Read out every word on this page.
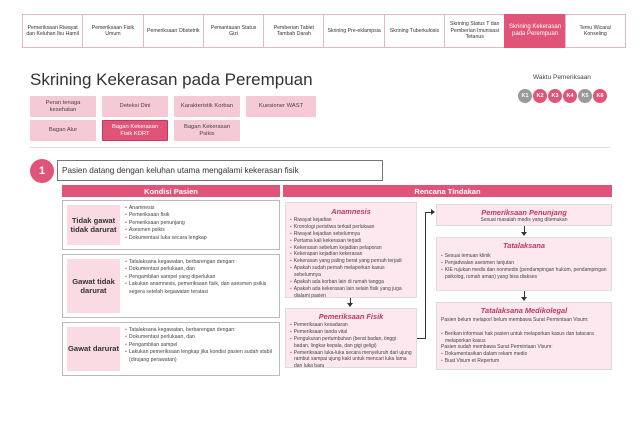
Pemeriksaan Riwayat dan Keluhan Ibu Hamil
Pemeriksaan Fisik Umum
Pemeriksaan Obstetrik
Pemantauan Status Gizi
Pemberian Tablet Tambah Darah
Skrining Pre-eklampsia	Skrining Tuberkulosis
Skrining Status T dan Pemberian Imunisasi Tetanus
Skrining Kekerasan pada Perempuan
Temu Wicara/ Konseling
Skrining Kekerasan pada Perempuan	Waktu Pemeriksaan
K1	K2	K3	K4	K5	K6
Peran tenaga kesehatan
Deteksi Dini	Karakteristik Korban	Kuesioner WAST
Bagan Alur
Bagan Kekerasan Fisik KDRT
Bagan Kekerasan Psikis
1	Pasien datang dengan keluhan utama mengalami kekerasan fisik
Kondisi Pasien	Rencana Tindakan
Tidak gawat tidak darurat
▪ Anamnesis
▪ Pemeriksaan fisik
▪ Pemeriksaan penunjang
▪ Asesmen psikis
▪ Dokumentasi luka secara lengkap
Gawat tidak darurat
▪ Tatalaksana kegawatan, berbarengan dengan:
▪ Dokumentasi perlukaan, dan
▪ Pengambilan sampel yang diperlukan
▪ Lakukan anamnesis, pemeriksaan fisik, dan asesmen psikis segera setelah kegawatan teratasi
Gawat darurat
▪ Tatalaksana kegawatan, berbarengan dengan:
▪ Dokumentasi perlukaan, dan
▪ Pengambilan sampel
▪ Lakukan pemeriksaan lengkap jika kondisi pasien sudah stabil (dirujang perawatan)
Anamnesis
▪ Riwayat kejadian
▪ Kronologi peristiwa terkait perlukaan
▪ Riwayat kejadian sebelumnya
▪ Pertama kali kekerasan terjadi
▪ Kekerasan sebelum kejadian pelaporan
▪ Kekerapan kejadian kekerasan
▪ Kekerasan yang paling berat yang pernah terjadi
▪ Apakah sudah pernah melaporkan kasus sebelumnya
▪ Apakah ada korban lain di rumah tangga
▪ Apakah ada kekerasan lain selain fisik yang juga dialami pasien
Pemeriksaan Fisik
▪ Pemeriksaan kesadaran
▪ Pemeriksaan tanda vital
▪ Pengukuran pertumbuhan (berat badan, tinggi badan, lingkar kepala, dan gigi geligi)
▪ Pemeriksaan luka-luka secara menyeluruh dari ujung rambut sampai ujung kaki untuk mencari luka lama dan luka baru
Pemeriksaan Penunjang
Sesuai masalah medis yang ditemukan
Tatalaksana
▪ Sesuai temuan klinik
▪ Penjadwalan asesmen lanjutan
▪ KIE rujukan medis dan nonmedis (pendampingan hukum, pendampingan psikolog, rumah aman) yang bisa diakses
Tatalaksana Medikolegal
Pasien belum melapor/ belum membawa Surat Permintaan Visum:
▪ Berikan informasi hak pasien untuk melaporkan kasus dan tatacara melaporkan kasus
Pasien sudah membawa Surat Permintaan Visum:
▪ Dokumentasikan dalam rekam medis
▪ Buat Visum et Repertum
